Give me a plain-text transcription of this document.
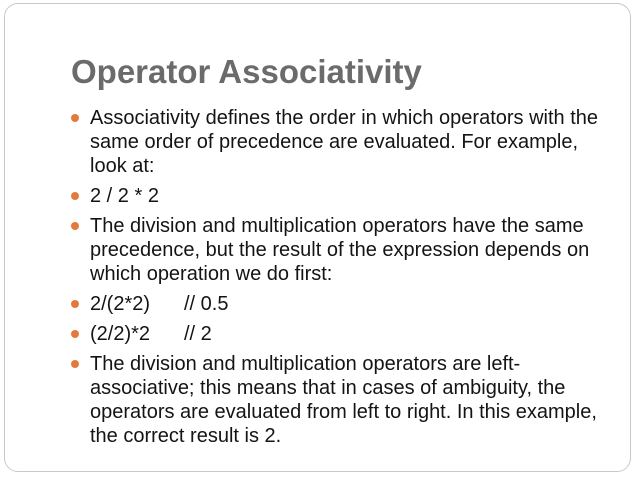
Operator Associativity
Associativity defines the order in which operators with the same order of precedence are evaluated. For example, look at:
2 / 2 * 2
The division and multiplication operators have the same precedence, but the result of the expression depends on which operation we do first:
2/(2*2) // 0.5
(2/2)*2 // 2
The division and multiplication operators are left-associative; this means that in cases of ambiguity, the operators are evaluated from left to right. In this example, the correct result is 2.
